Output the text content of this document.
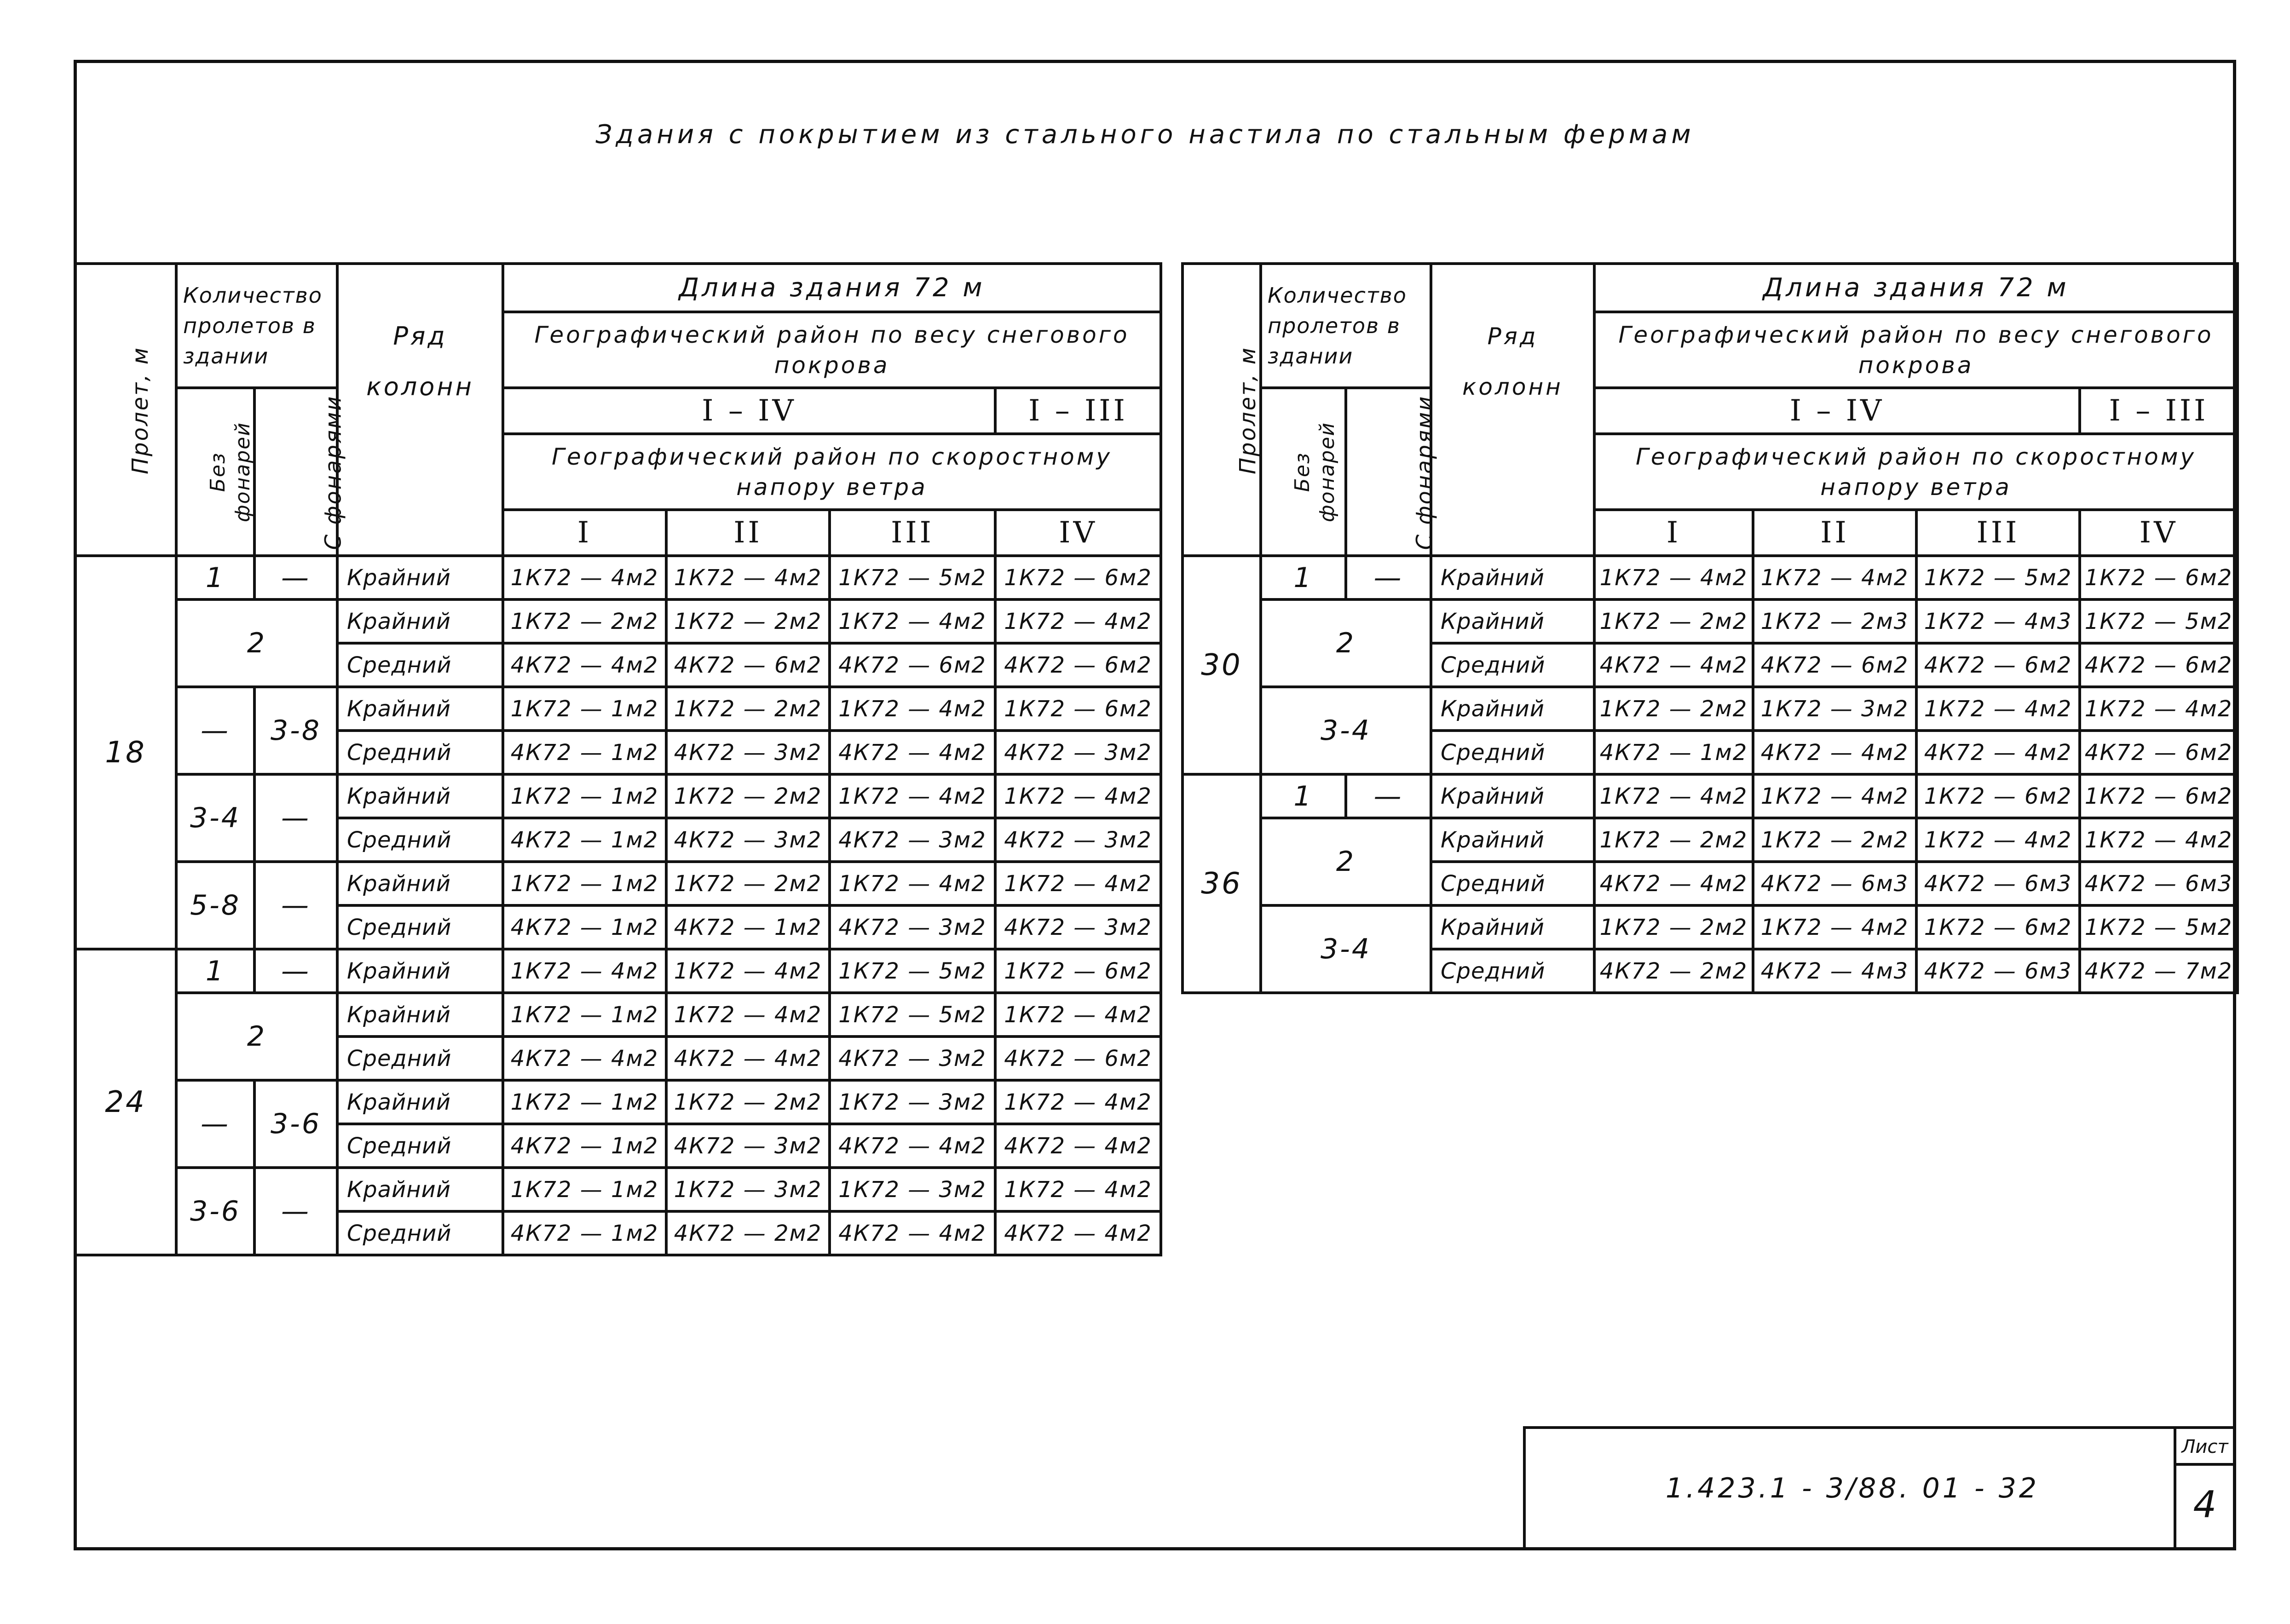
Здания с покрытием из стального настила по стальным фермам
Пролет, м	Количество пролетов в здании		Ряд колонн	Длина здания 72 м			
				Географический район по весу снегового покрова			
	Без фонарей	С фонарями		I – IV			I – III
				Географический район по скоростному напору ветра			
				I	II	III	IV
18	1	—	Крайний	1К72 — 4м2	1К72 — 4м2	1К72 — 5м2	1К72 — 6м2
	2		Крайний	1К72 — 2м2	1К72 — 2м2	1К72 — 4м2	1К72 — 4м2
			Средний	4К72 — 4м2	4К72 — 6м2	4К72 — 6м2	4К72 — 6м2
	—	3-8	Крайний	1К72 — 1м2	1К72 — 2м2	1К72 — 4м2	1К72 — 6м2
			Средний	4К72 — 1м2	4К72 — 3м2	4К72 — 4м2	4К72 — 3м2
	3-4	—	Крайний	1К72 — 1м2	1К72 — 2м2	1К72 — 4м2	1К72 — 4м2
			Средний	4К72 — 1м2	4К72 — 3м2	4К72 — 3м2	4К72 — 3м2
	5-8	—	Крайний	1К72 — 1м2	1К72 — 2м2	1К72 — 4м2	1К72 — 4м2
			Средний	4К72 — 1м2	4К72 — 1м2	4К72 — 3м2	4К72 — 3м2
24	1	—	Крайний	1К72 — 4м2	1К72 — 4м2	1К72 — 5м2	1К72 — 6м2
	2		Крайний	1К72 — 1м2	1К72 — 4м2	1К72 — 5м2	1К72 — 4м2
			Средний	4К72 — 4м2	4К72 — 4м2	4К72 — 3м2	4К72 — 6м2
	—	3-6	Крайний	1К72 — 1м2	1К72 — 2м2	1К72 — 3м2	1К72 — 4м2
			Средний	4К72 — 1м2	4К72 — 3м2	4К72 — 4м2	4К72 — 4м2
	3-6	—	Крайний	1К72 — 1м2	1К72 — 3м2	1К72 — 3м2	1К72 — 4м2
			Средний	4К72 — 1м2	4К72 — 2м2	4К72 — 4м2	4К72 — 4м2
Пролет, м	Количество пролетов в здании		Ряд колонн	Длина здания 72 м			
				Географический район по весу снегового покрова			
	Без фонарей	С фонарями		I – IV			I – III
				Географический район по скоростному напору ветра			
				I	II	III	IV
30	1	—	Крайний	1К72 — 4м2	1К72 — 4м2	1К72 — 5м2	1К72 — 6м2
	2		Крайний	1К72 — 2м2	1К72 — 2м3	1К72 — 4м3	1К72 — 5м2
			Средний	4К72 — 4м2	4К72 — 6м2	4К72 — 6м2	4К72 — 6м2
	3-4		Крайний	1К72 — 2м2	1К72 — 3м2	1К72 — 4м2	1К72 — 4м2
			Средний	4К72 — 1м2	4К72 — 4м2	4К72 — 4м2	4К72 — 6м2
36	1	—	Крайний	1К72 — 4м2	1К72 — 4м2	1К72 — 6м2	1К72 — 6м2
	2		Крайний	1К72 — 2м2	1К72 — 2м2	1К72 — 4м2	1К72 — 4м2
			Средний	4К72 — 4м2	4К72 — 6м3	4К72 — 6м3	4К72 — 6м3
	3-4		Крайний	1К72 — 2м2	1К72 — 4м2	1К72 — 6м2	1К72 — 5м2
			Средний	4К72 — 2м2	4К72 — 4м3	4К72 — 6м3	4К72 — 7м2
1.423.1 - 3/88. 01 - 32
Лист
4
